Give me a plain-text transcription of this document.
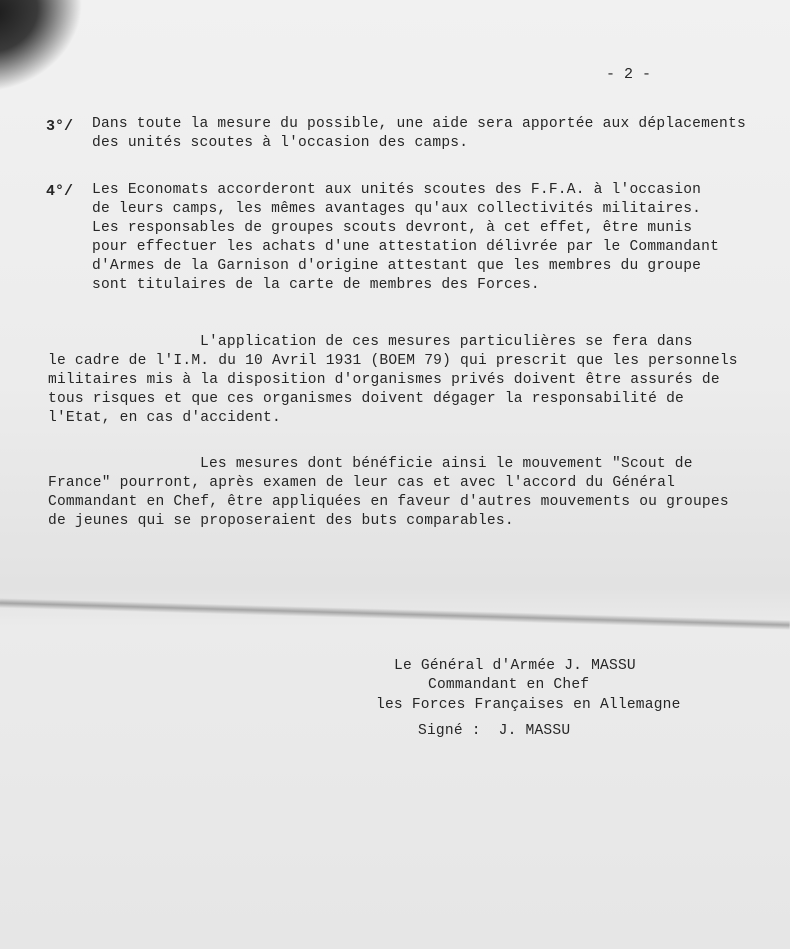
- 2 -
3°/ Dans toute la mesure du possible, une aide sera apportée aux déplacements
des unités scoutes à l'occasion des camps.
4°/ Les Economats accorderont aux unités scoutes des F.F.A. à l'occasion
de leurs camps, les mêmes avantages qu'aux collectivités militaires.
Les responsables de groupes scouts devront, à cet effet, être munis
pour effectuer les achats d'une attestation délivrée par le Commandant
d'Armes de la Garnison d'origine attestant que les membres du groupe
sont titulaires de la carte de membres des Forces.
L'application de ces mesures particulières se fera dans
le cadre de l'I.M. du 10 Avril 1931 (BOEM 79) qui prescrit que les personnels
militaires mis à la disposition d'organismes privés doivent être assurés de
tous risques et que ces organismes doivent dégager la responsabilité de
l'Etat, en cas d'accident.
Les mesures dont bénéficie ainsi le mouvement "Scout de
France" pourront, après examen de leur cas et avec l'accord du Général
Commandant en Chef, être appliquées en faveur d'autres mouvements ou groupes
de jeunes qui se proposeraient des buts comparables.
Le Général d'Armée J. MASSU
Commandant en Chef
les Forces Françaises en Allemagne
Signé :  J. MASSU
